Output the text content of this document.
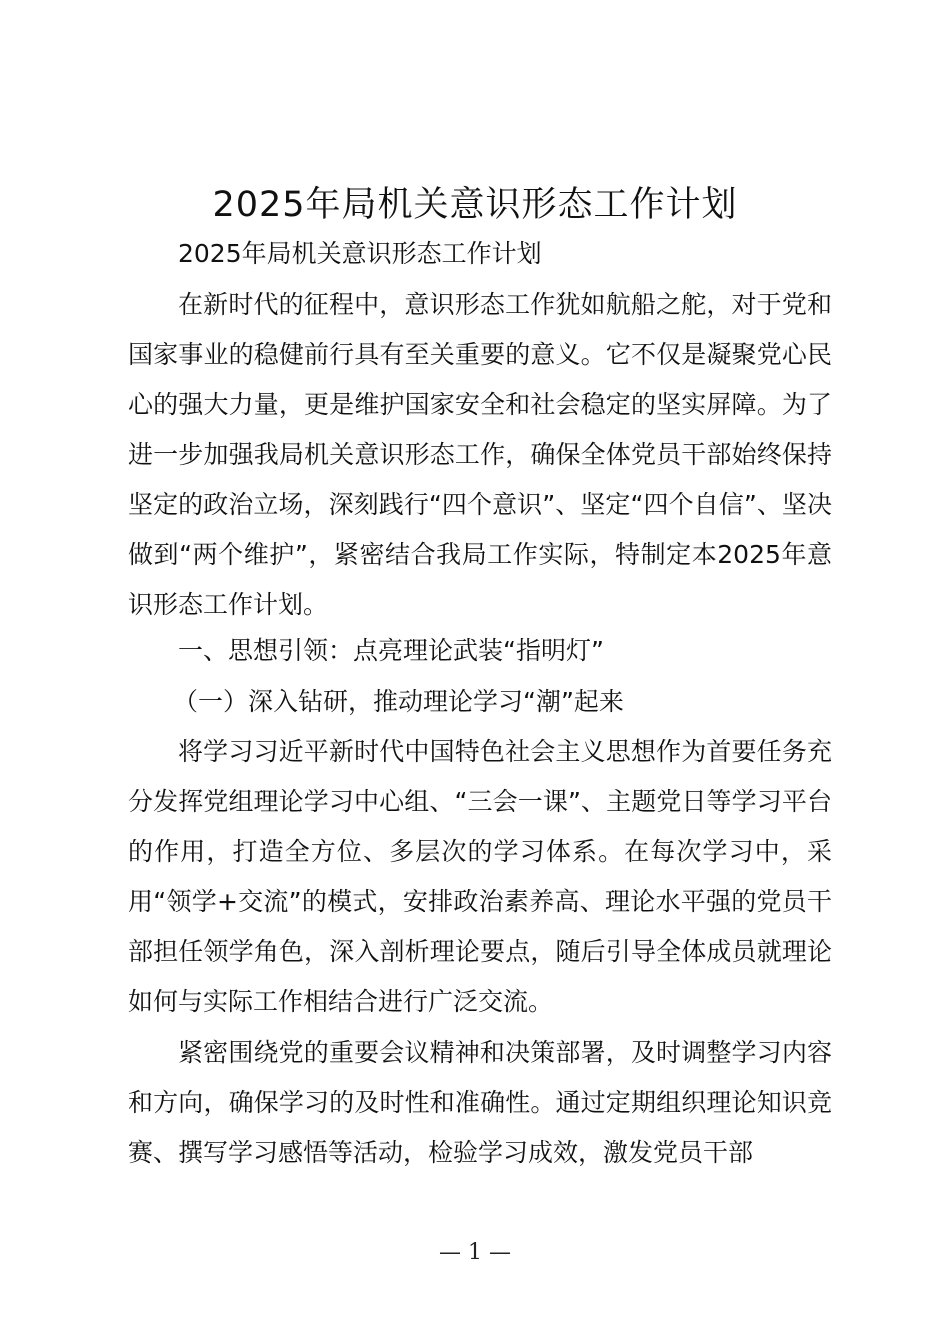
2025年局机关意识形态工作计划

2025年局机关意识形态工作计划

在新时代的征程中，意识形态工作犹如航船之舵，对于党和国家事业的稳健前行具有至关重要的意义。它不仅是凝聚党心民心的强大力量，更是维护国家安全和社会稳定的坚实屏障。为了进一步加强我局机关意识形态工作，确保全体党员干部始终保持坚定的政治立场，深刻践行“四个意识”、坚定“四个自信”、坚决做到“两个维护”，紧密结合我局工作实际，特制定本2025年意识形态工作计划。

一、思想引领：点亮理论武装“指明灯”

（一）深入钻研，推动理论学习“潮”起来

将学习习近平新时代中国特色社会主义思想作为首要任务充分发挥党组理论学习中心组、“三会一课”、主题党日等学习平台的作用，打造全方位、多层次的学习体系。在每次学习中，采用“领学+交流”的模式，安排政治素养高、理论水平强的党员干部担任领学角色，深入剖析理论要点，随后引导全体成员就理论如何与实际工作相结合进行广泛交流。

紧密围绕党的重要会议精神和决策部署，及时调整学习内容和方向，确保学习的及时性和准确性。通过定期组织理论知识竞赛、撰写学习感悟等活动，检验学习成效，激发党员干部

— 1 —
